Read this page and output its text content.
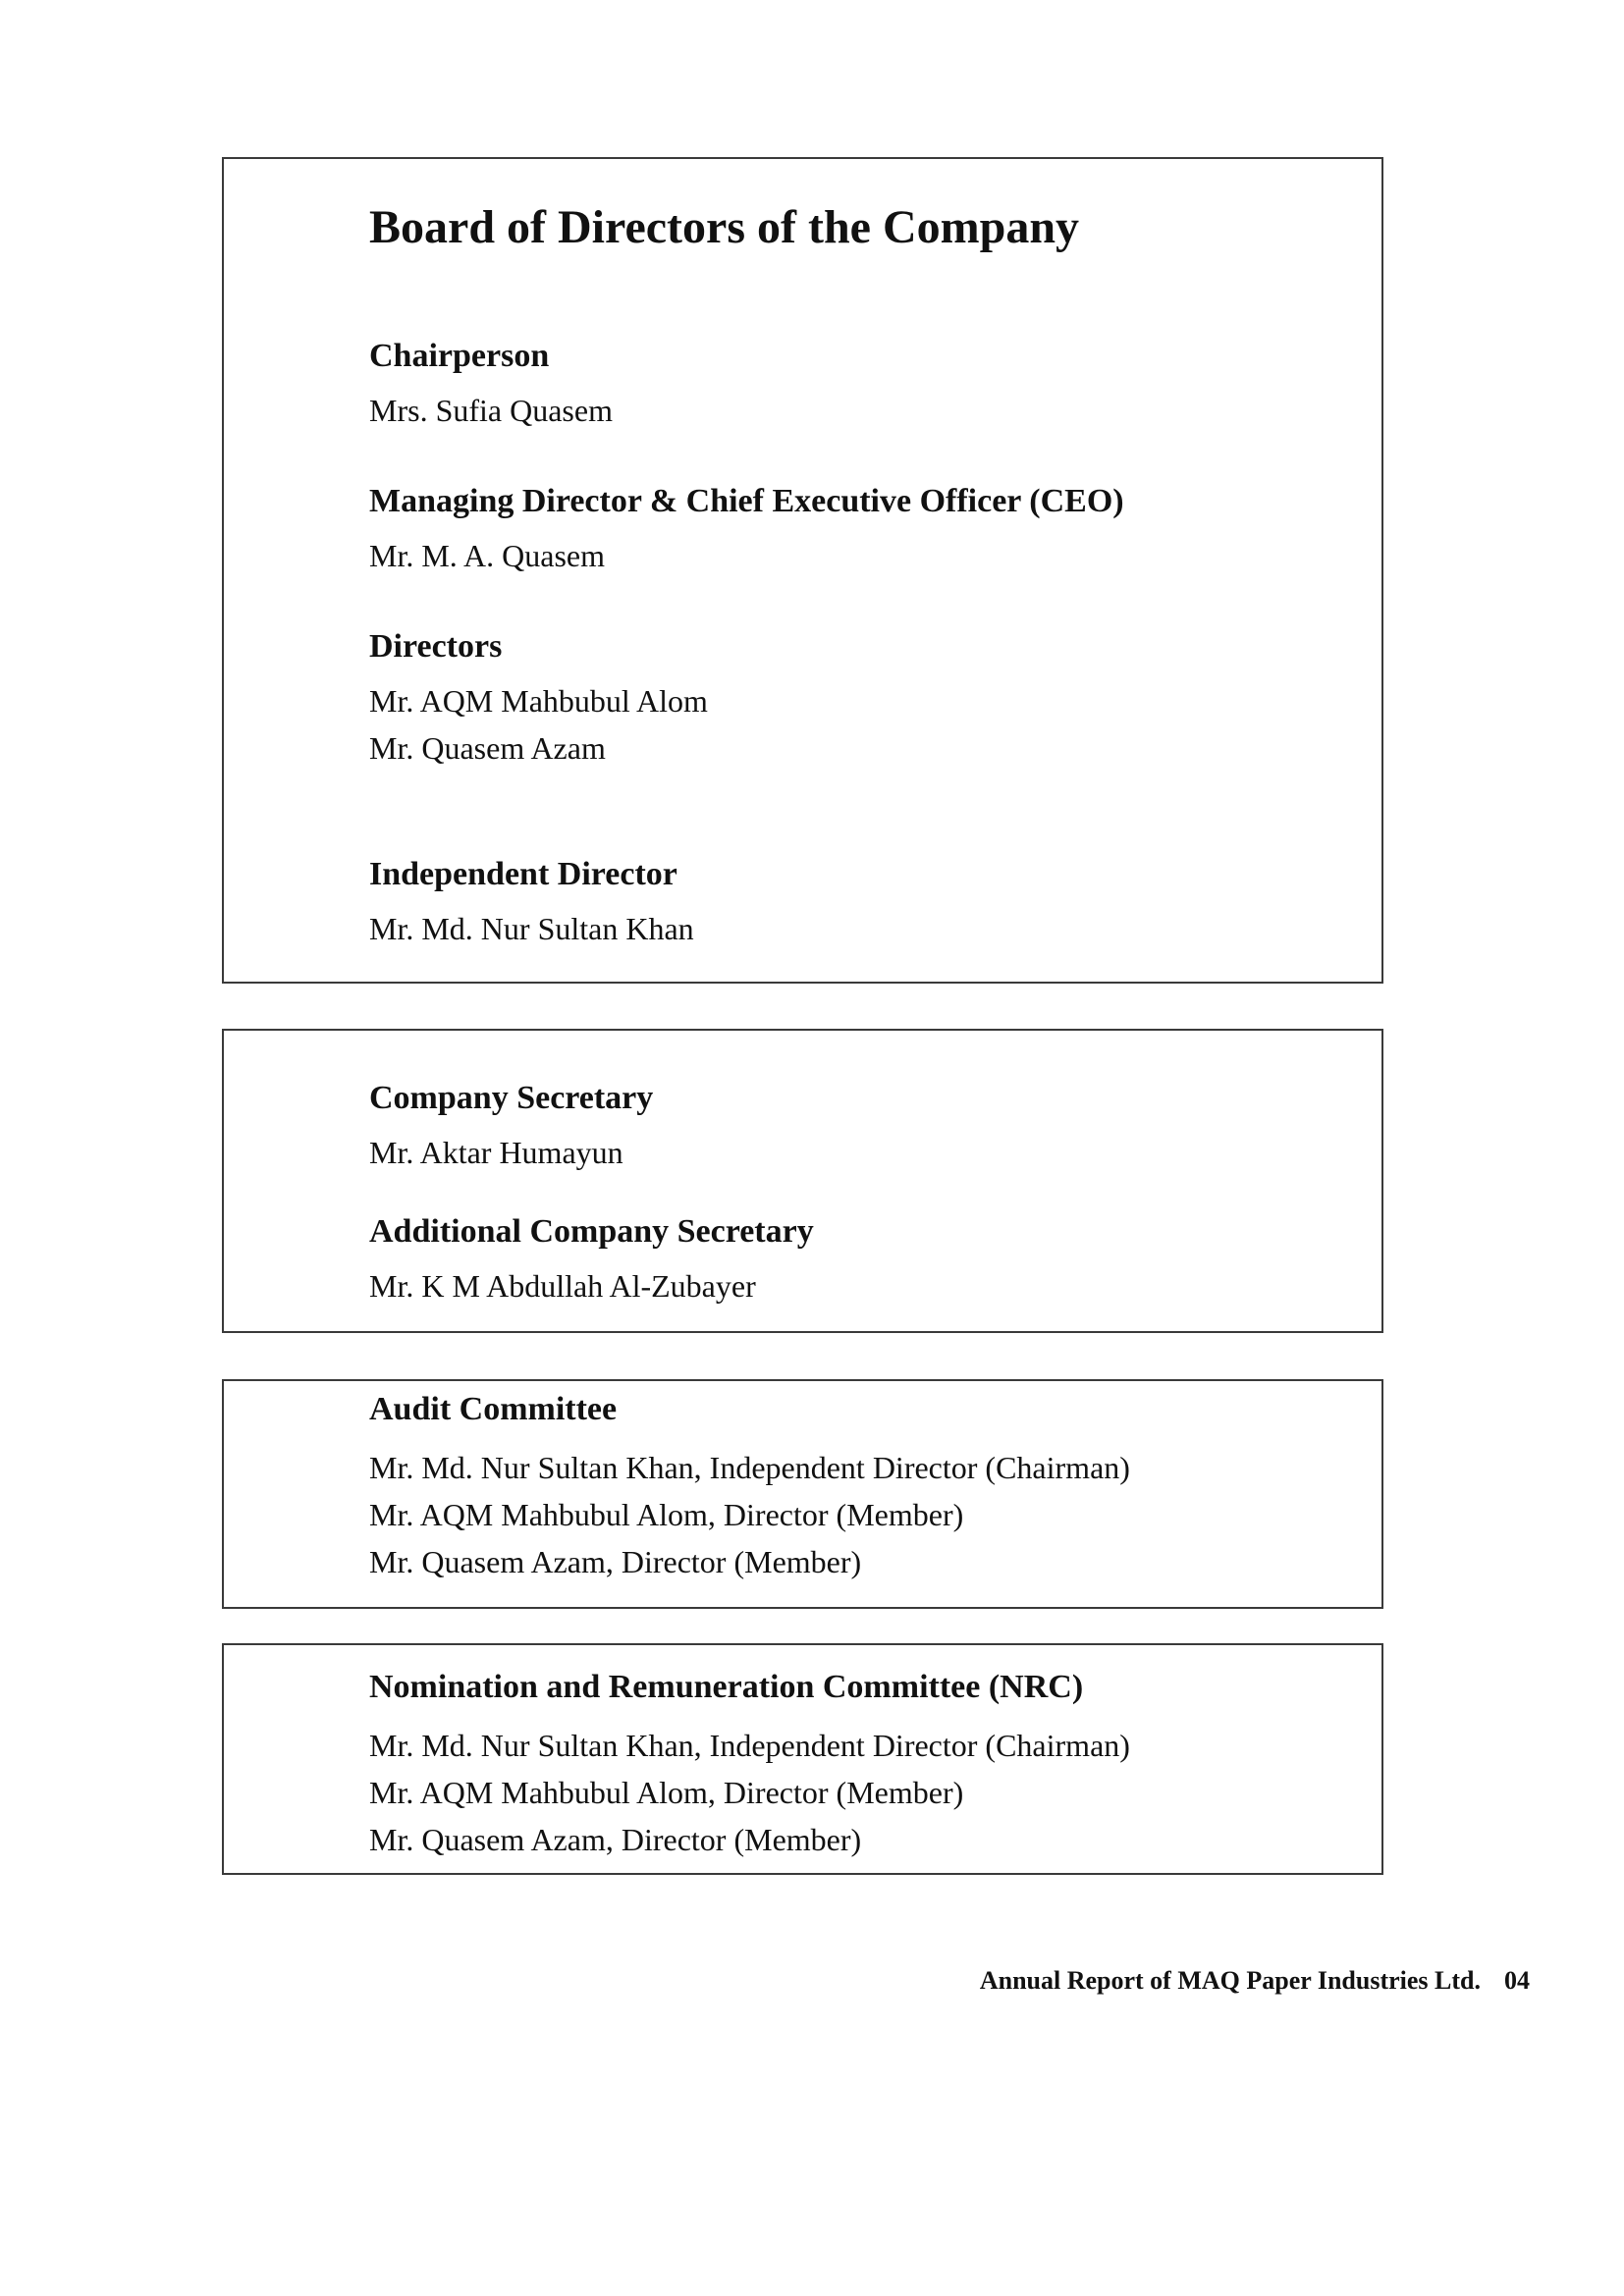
Board of Directors of the Company
Chairperson
Mrs. Sufia Quasem
Managing Director & Chief Executive Officer (CEO)
Mr. M. A. Quasem
Directors
Mr. AQM Mahbubul Alom
Mr. Quasem Azam
Independent Director
Mr. Md. Nur Sultan Khan
Company Secretary
Mr. Aktar Humayun
Additional Company Secretary
Mr. K M Abdullah Al-Zubayer
Audit Committee
Mr. Md. Nur Sultan Khan, Independent Director (Chairman)
Mr. AQM Mahbubul Alom, Director (Member)
Mr. Quasem Azam, Director (Member)
Nomination and Remuneration Committee (NRC)
Mr. Md. Nur Sultan Khan, Independent Director (Chairman)
Mr. AQM Mahbubul Alom, Director (Member)
Mr. Quasem Azam, Director (Member)
Annual Report of MAQ Paper Industries Ltd. 04
